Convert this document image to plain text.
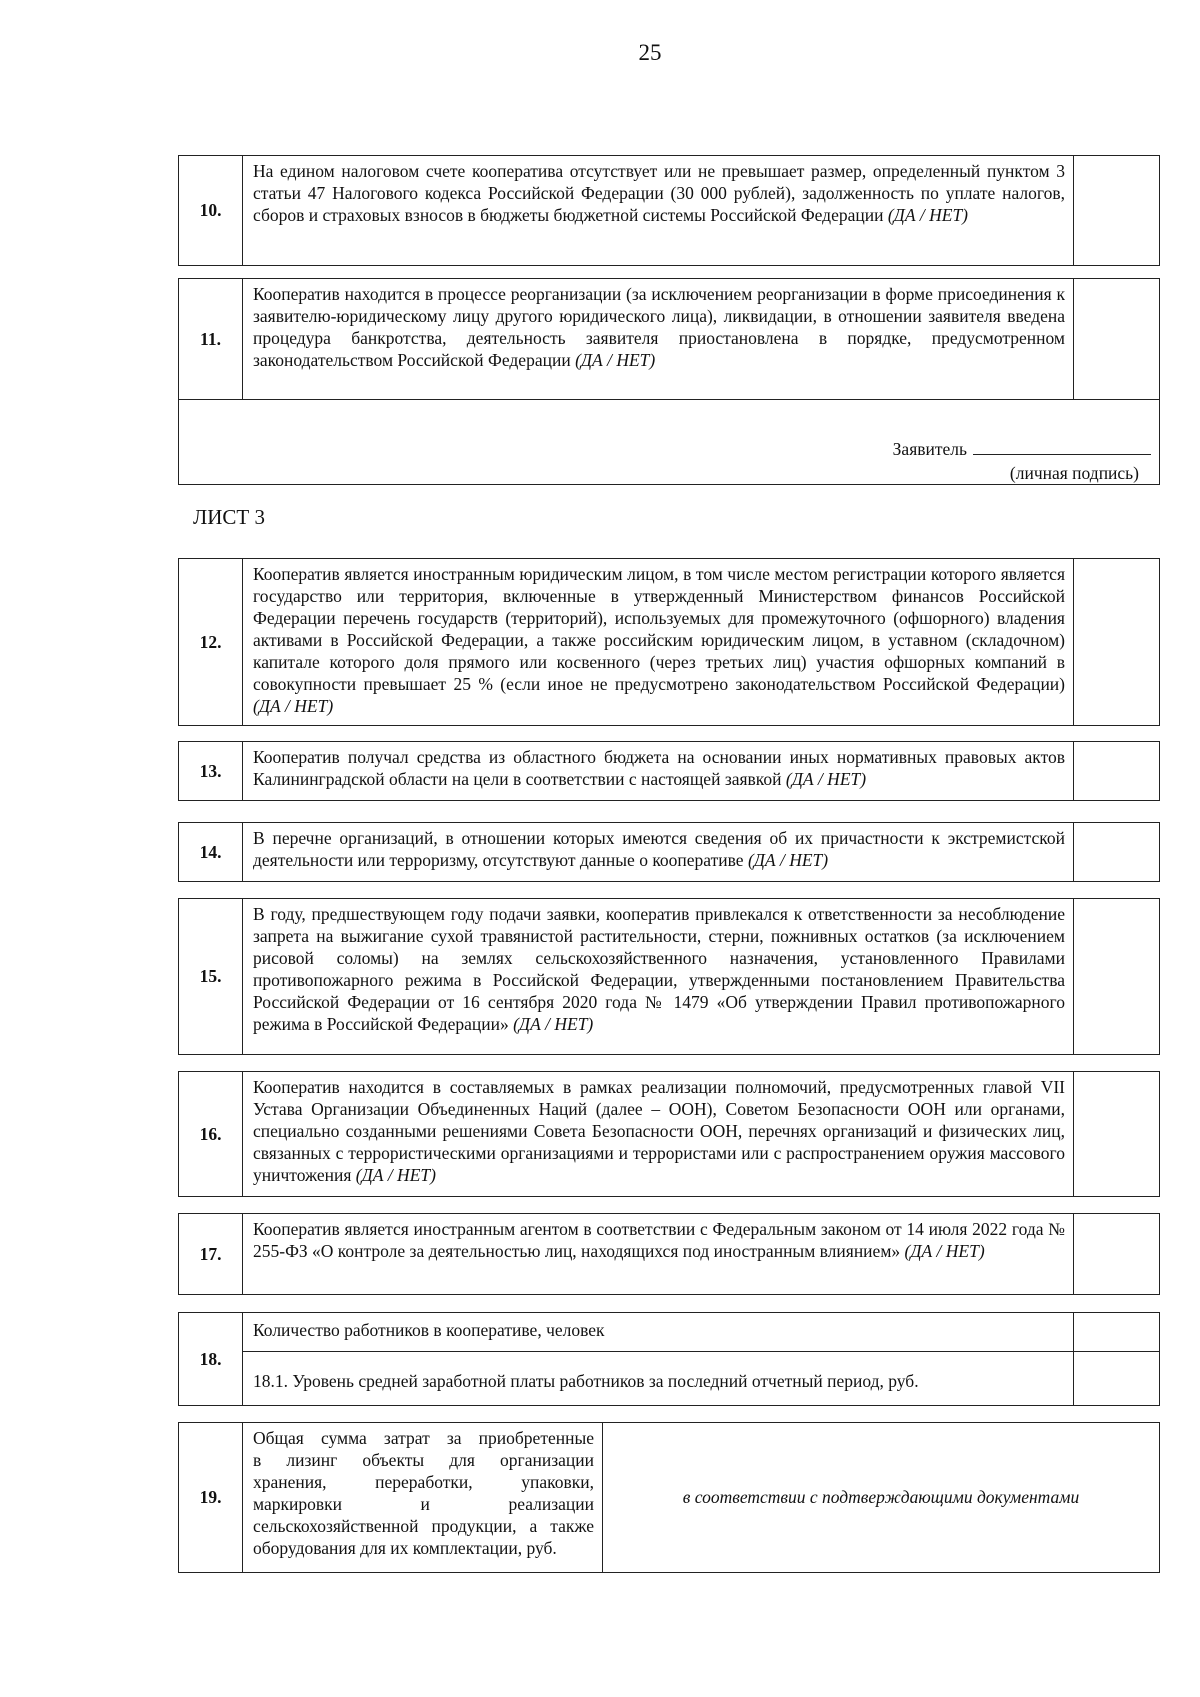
25
10.
На едином налоговом счете кооператива отсутствует или не превышает размер, определенный пунктом 3 статьи 47 Налогового кодекса Российской Федерации (30 000 рублей), задолженность по уплате налогов, сборов и страховых взносов в бюджеты бюджетной системы Российской Федерации (ДА / НЕТ)
11.
Кооператив находится в процессе реорганизации (за исключением реорганизации в форме присоединения к заявителю-юридическому лицу другого юридического лица), ликвидации, в отношении заявителя введена процедура банкротства, деятельность заявителя приостановлена в порядке, предусмотренном законодательством Российской Федерации (ДА / НЕТ)
Заявитель
(личная подпись)
ЛИСТ 3
12.
Кооператив является иностранным юридическим лицом, в том числе местом регистрации которого является государство или территория, включенные в утвержденный Министерством финансов Российской Федерации перечень государств (территорий), используемых для промежуточного (офшорного) владения активами в Российской Федерации, а также российским юридическим лицом, в уставном (складочном) капитале которого доля прямого или косвенного (через третьих лиц) участия офшорных компаний в совокупности превышает 25 % (если иное не предусмотрено законодательством Российской Федерации) (ДА / НЕТ)
13.
Кооператив получал средства из областного бюджета на основании иных нормативных правовых актов Калининградской области на цели в соответствии с настоящей заявкой (ДА / НЕТ)
14.
В перечне организаций, в отношении которых имеются сведения об их причастности к экстремистской деятельности или терроризму, отсутствуют данные о кооперативе (ДА / НЕТ)
15.
В году, предшествующем году подачи заявки, кооператив привлекался к ответственности за несоблюдение запрета на выжигание сухой травянистой растительности, стерни, пожнивных остатков (за исключением рисовой соломы) на землях сельскохозяйственного назначения, установленного Правилами противопожарного режима в Российской Федерации, утвержденными постановлением Правительства Российской Федерации от 16 сентября 2020 года № 1479 «Об утверждении Правил противопожарного режима в Российской Федерации» (ДА / НЕТ)
16.
Кооператив находится в составляемых в рамках реализации полномочий, предусмотренных главой VII Устава Организации Объединенных Наций (далее – ООН), Советом Безопасности ООН или органами, специально созданными решениями Совета Безопасности ООН, перечнях организаций и физических лиц, связанных с террористическими организациями и террористами или с распространением оружия массового уничтожения (ДА / НЕТ)
17.
Кооператив является иностранным агентом в соответствии с Федеральным законом от 14 июля 2022 года № 255-ФЗ «О контроле за деятельностью лиц, находящихся под иностранным влиянием» (ДА / НЕТ)
18.
Количество работников в кооперативе, человек
18.1. Уровень средней заработной платы работников за последний отчетный период, руб.
19.
Общая сумма затрат за приобретенные
в лизинг объекты для организации
хранения, переработки, упаковки,
маркировки и реализации
сельскохозяйственной продукции, а также
оборудования для их комплектации, руб.
в соответствии с подтверждающими документами
